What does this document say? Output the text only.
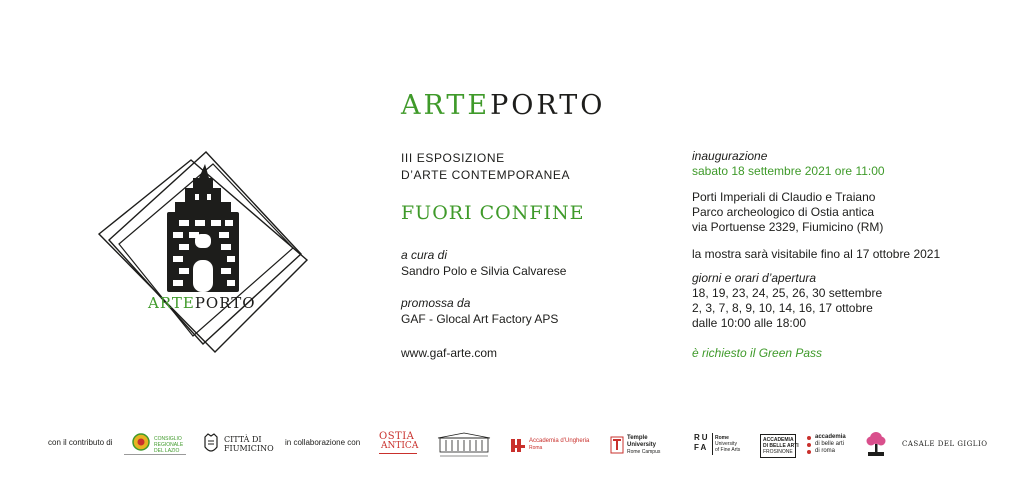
ARTEPORTO
ARTEPORTO
III ESPOSIZIONE
D’ARTE CONTEMPORANEA
FUORI CONFINE
a cura di
Sandro Polo e Silvia Calvarese
promossa da
GAF - Glocal Art Factory APS
www.gaf-arte.com
inaugurazione
sabato 18 settembre 2021 ore 11:00
Porti Imperiali di Claudio e Traiano
Parco archeologico di Ostia antica
via Portuense 2329, Fiumicino (RM)
la mostra sarà visitabile fino al 17 ottobre 2021
giorni e orari d’apertura
18, 19, 23, 24, 25, 26, 30 settembre
2, 3, 7, 8, 9, 10, 14, 16, 17 ottobre
dalle 10:00 alle 18:00
è richiesto il Green Pass
con il contributo di	CONSIGLIO REGIONALE DEL LAZIO
CITTÀ DI
FIUMICINO
in collaborazione con
OSTIA
ANTICA	Accademia d’Ungheria
Roma
Temple
University
Rome Campus
RU FA
Rome
University
of Fine Arts
ACCADEMIA
DI BELLE ARTI
FROSINONE
accademia
di belle arti
di roma
CASALE DEL GIGLIO
